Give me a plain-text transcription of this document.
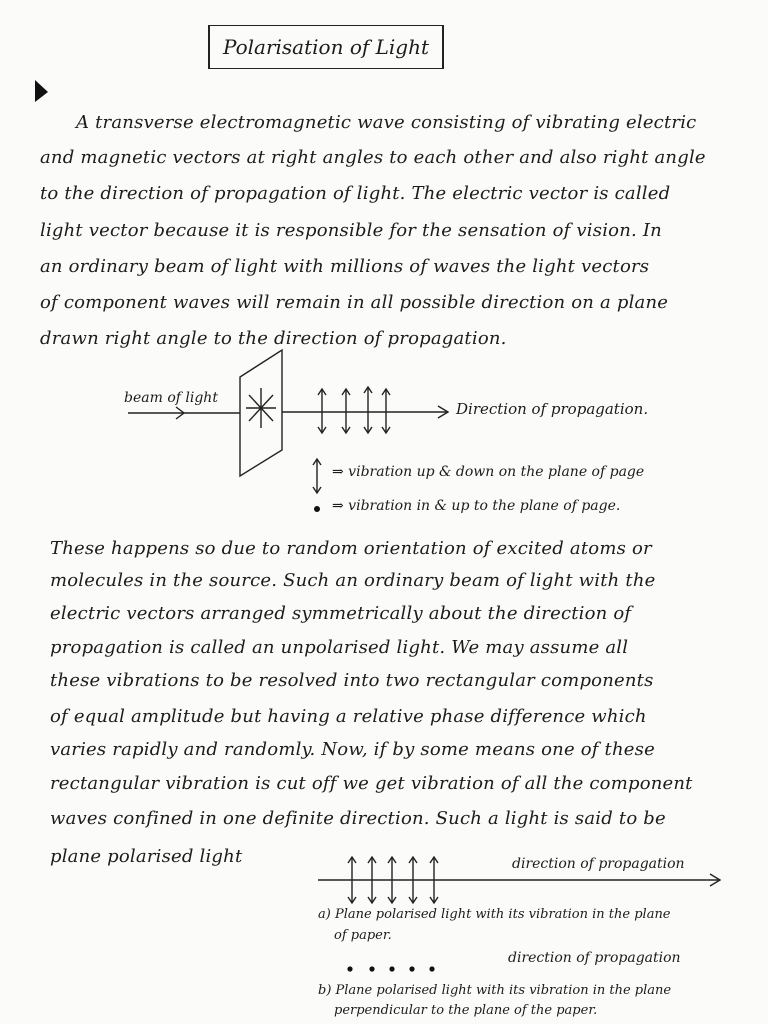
Polarisation of Light
A transverse electromagnetic wave consisting of vibrating electric
and magnetic vectors at right angles to each other and also right angle
to the direction of propagation of light. The electric vector is called
light vector because it is responsible for the sensation of vision. In
an ordinary beam of light with millions of waves the light vectors
of component waves will remain in all possible direction on a plane
drawn right angle to the direction of propagation.
beam of light
Direction of propagation.
⇒ vibration up & down on the plane of page
⇒ vibration in & up to the plane of page.
These happens so due to random orientation of excited atoms or
molecules in the source. Such an ordinary beam of light with the
electric vectors arranged symmetrically about the direction of
propagation is called an unpolarised light. We may assume all
these vibrations to be resolved into two rectangular components
of equal amplitude but having a relative phase difference which
varies rapidly and randomly. Now, if by some means one of these
rectangular vibration is cut off we get vibration of all the component
waves confined in one definite direction. Such a light is said to be
plane polarised light	direction of propagation
a) Plane polarised light with its vibration in the plane
of paper.
direction of propagation
b) Plane polarised light with its vibration in the plane
perpendicular to the plane of the paper.
